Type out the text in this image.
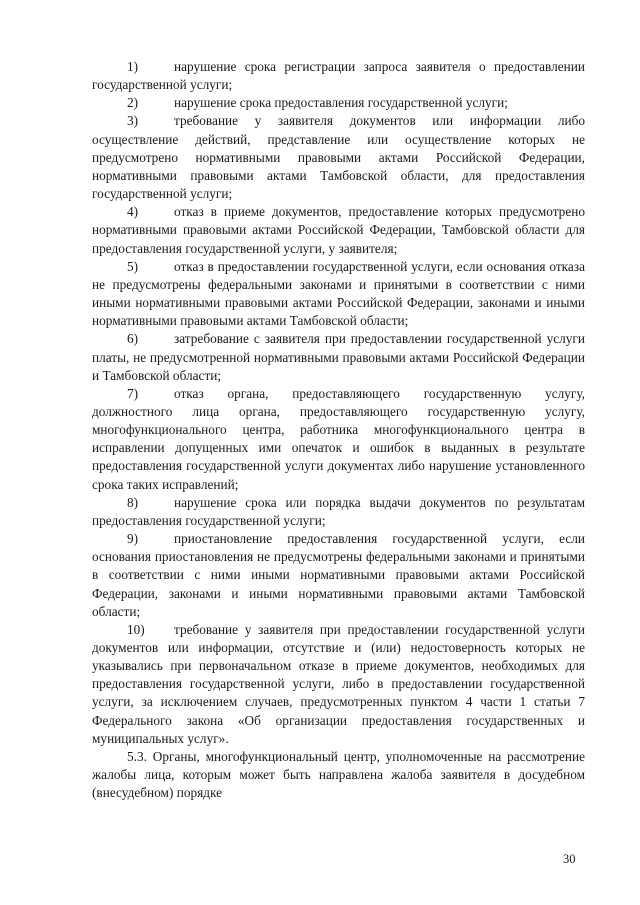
1)	нарушение срока регистрации запроса заявителя о предоставлении государственной услуги;

2)	нарушение срока предоставления государственной услуги;

3)	требование у заявителя документов или информации либо осуществление действий, представление или осуществление которых не предусмотрено нормативными правовыми актами Российской Федерации, нормативными правовыми актами Тамбовской области, для предоставления государственной услуги;

4)	отказ в приеме документов, предоставление которых предусмотрено нормативными правовыми актами Российской Федерации, Тамбовской области для предоставления государственной услуги, у заявителя;

5)	отказ в предоставлении государственной услуги, если основания отказа не предусмотрены федеральными законами и принятыми в соответствии с ними иными нормативными правовыми актами Российской Федерации, законами и иными нормативными правовыми актами Тамбовской области;

6)	затребование с заявителя при предоставлении государственной услуги платы, не предусмотренной нормативными правовыми актами Российской Федерации и Тамбовской области;

7)	отказ органа, предоставляющего государственную услугу, должностного лица органа, предоставляющего государственную услугу, многофункционального центра, работника многофункционального центра в исправлении допущенных ими опечаток и ошибок в выданных в результате предоставления государственной услуги документах либо нарушение установленного срока таких исправлений;

8)	нарушение срока или порядка выдачи документов по результатам предоставления государственной услуги;

9)	приостановление предоставления государственной услуги, если основания приостановления не предусмотрены федеральными законами и принятыми в соответствии с ними иными нормативными правовыми актами Российской Федерации, законами и иными нормативными правовыми актами Тамбовской области;

10) требование у заявителя при предоставлении государственной услуги документов или информации, отсутствие и (или) недостоверность которых не указывались при первоначальном отказе в приеме документов, необходимых для предоставления государственной услуги, либо в предоставлении государственной услуги, за исключением случаев, предусмотренных пунктом 4 части 1 статьи 7 Федерального закона «Об организации предоставления государственных и муниципальных услуг».

5.3. Органы, многофункциональный центр, уполномоченные на рассмотрение жалобы лица, которым может быть направлена жалоба заявителя в досудебном (внесудебном) порядке

30
